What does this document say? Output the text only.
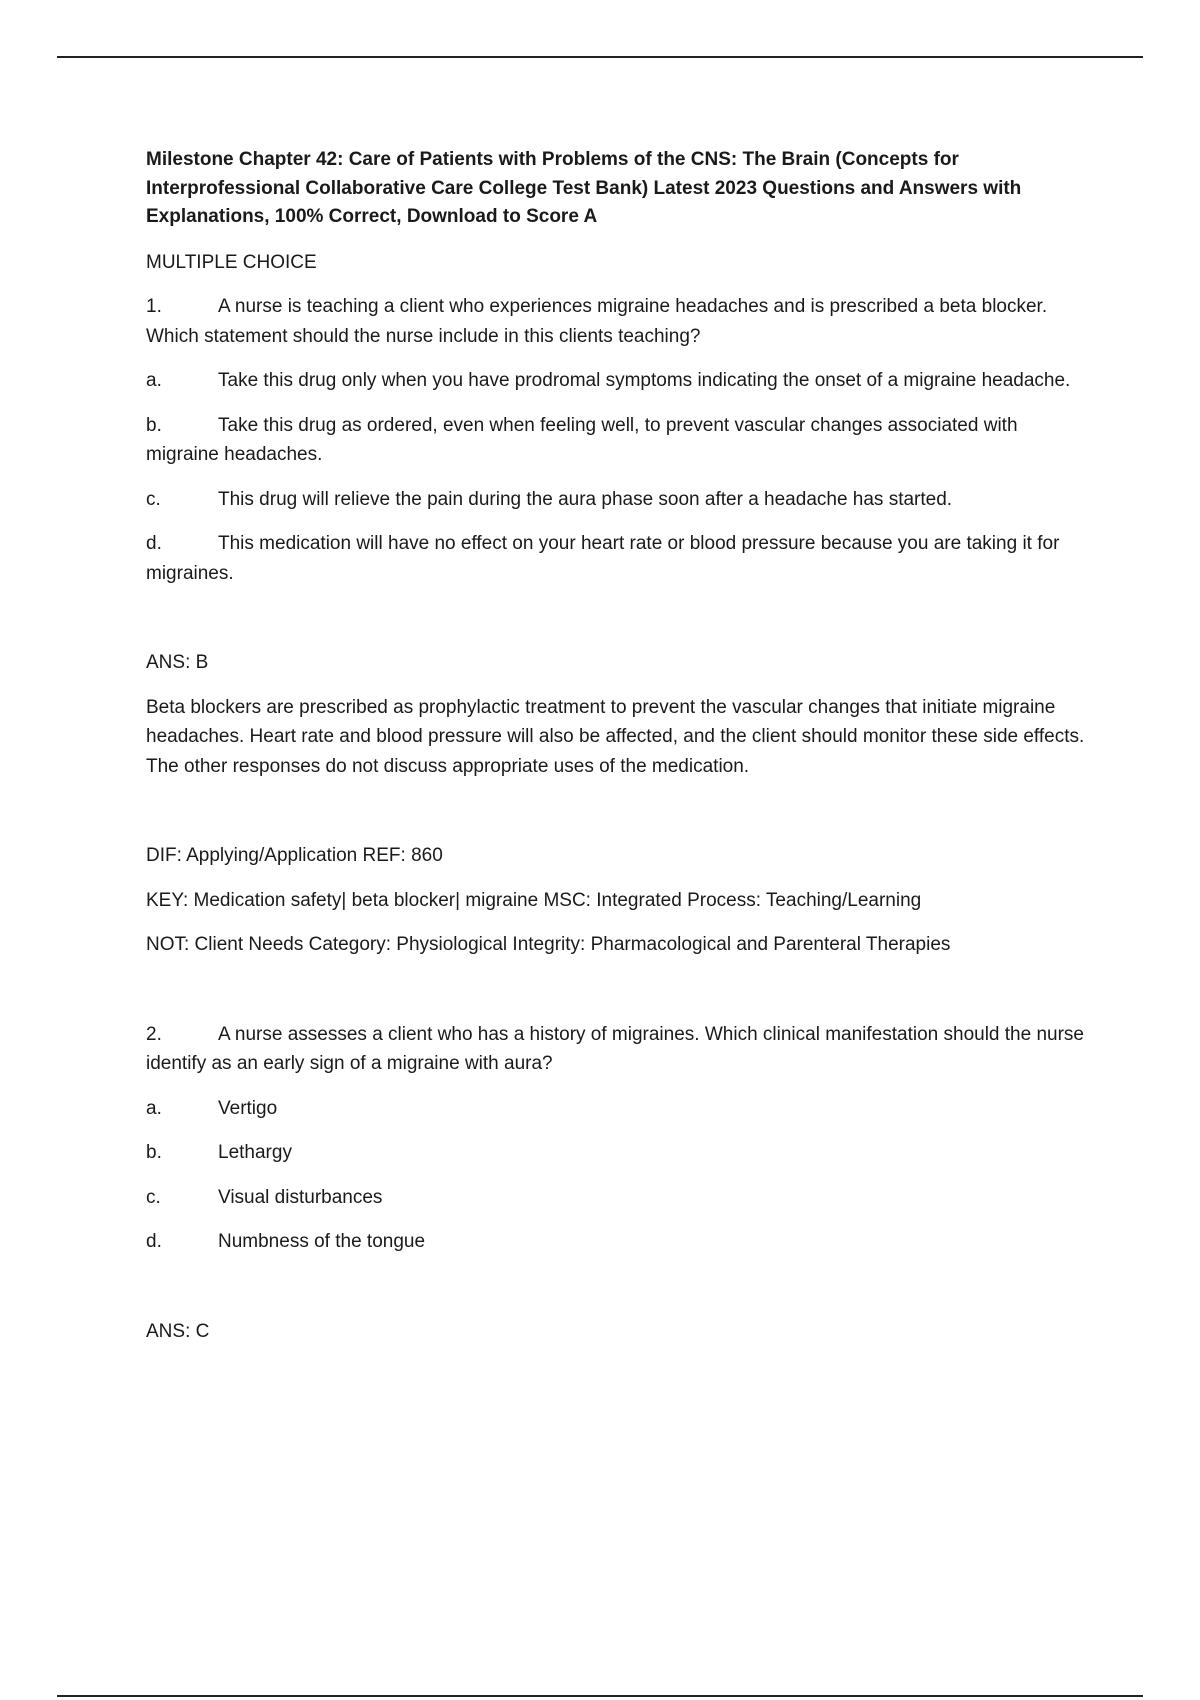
Milestone Chapter 42: Care of Patients with Problems of the CNS: The Brain (Concepts for Interprofessional Collaborative Care College Test Bank) Latest 2023 Questions and Answers with Explanations, 100% Correct, Download to Score A

MULTIPLE CHOICE

1.	A nurse is teaching a client who experiences migraine headaches and is prescribed a beta blocker. Which statement should the nurse include in this clients teaching?

a.	Take this drug only when you have prodromal symptoms indicating the onset of a migraine headache.

b.	Take this drug as ordered, even when feeling well, to prevent vascular changes associated with migraine headaches.

c.	This drug will relieve the pain during the aura phase soon after a headache has started.

d.	This medication will have no effect on your heart rate or blood pressure because you are taking it for migraines.

ANS: B

Beta blockers are prescribed as prophylactic treatment to prevent the vascular changes that initiate migraine headaches. Heart rate and blood pressure will also be affected, and the client should monitor these side effects. The other responses do not discuss appropriate uses of the medication.

DIF: Applying/Application REF: 860

KEY: Medication safety| beta blocker| migraine MSC: Integrated Process: Teaching/Learning

NOT: Client Needs Category: Physiological Integrity: Pharmacological and Parenteral Therapies

2.	A nurse assesses a client who has a history of migraines. Which clinical manifestation should the nurse identify as an early sign of a migraine with aura?

a.	Vertigo

b.	Lethargy

c.	Visual disturbances

d.	Numbness of the tongue

ANS: C
